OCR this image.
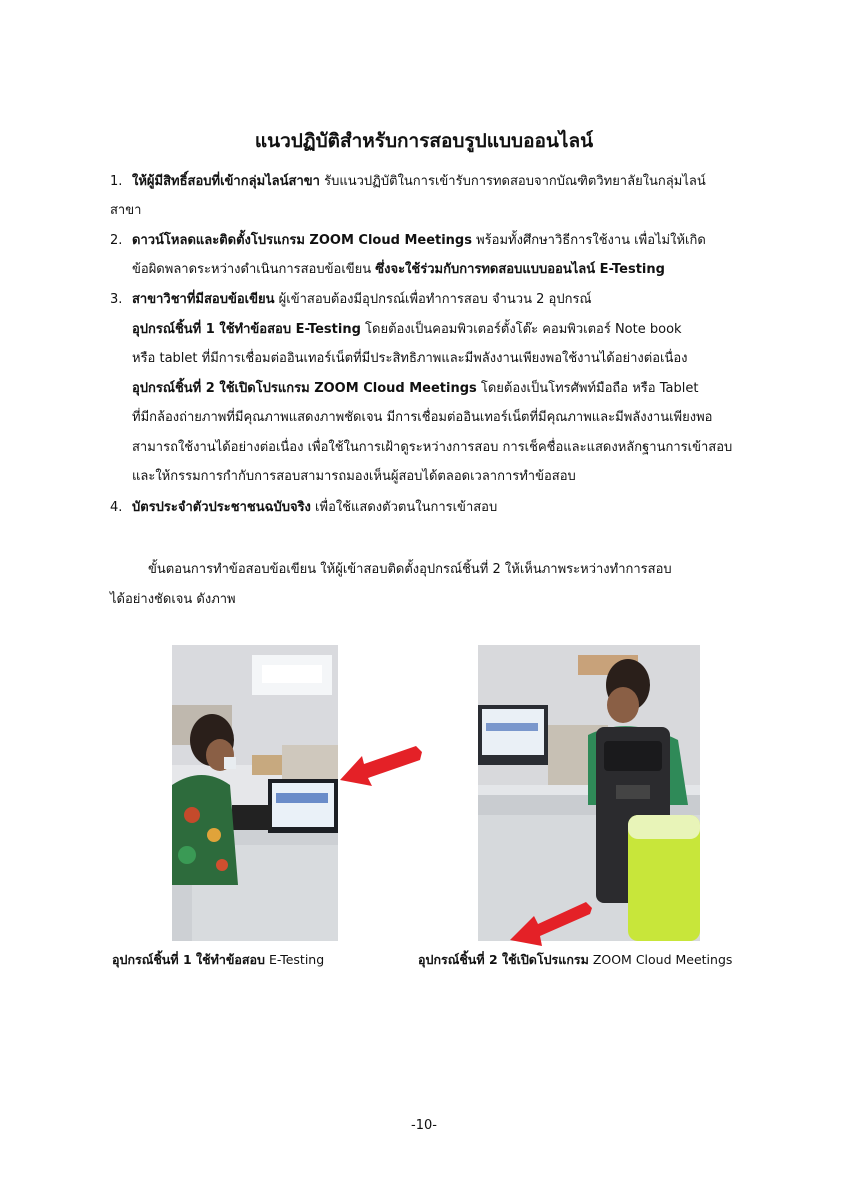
แนวปฏิบัติสำหรับการสอบรูปแบบออนไลน์
1. ให้ผู้มีสิทธิ์สอบที่เข้ากลุ่มไลน์สาขา รับแนวปฏิบัติในการเข้ารับการทดสอบจากบัณฑิตวิทยาลัยในกลุ่มไลน์
สาขา
2. ดาวน์โหลดและติดตั้งโปรแกรม ZOOM Cloud Meetings พร้อมทั้งศึกษาวิธีการใช้งาน เพื่อไม่ให้เกิด
ข้อผิดพลาดระหว่างดำเนินการสอบข้อเขียน ซึ่งจะใช้ร่วมกับการทดสอบแบบออนไลน์ E-Testing
3. สาขาวิชาที่มีสอบข้อเขียน ผู้เข้าสอบต้องมีอุปกรณ์เพื่อทำการสอบ จำนวน 2 อุปกรณ์
อุปกรณ์ชิ้นที่ 1 ใช้ทำข้อสอบ E-Testing โดยต้องเป็นคอมพิวเตอร์ตั้งโต๊ะ คอมพิวเตอร์ Note book
หรือ tablet ที่มีการเชื่อมต่ออินเทอร์เน็ตที่มีประสิทธิภาพและมีพลังงานเพียงพอใช้งานได้อย่างต่อเนื่อง
อุปกรณ์ชิ้นที่ 2 ใช้เปิดโปรแกรม ZOOM Cloud Meetings โดยต้องเป็นโทรศัพท์มือถือ หรือ Tablet
ที่มีกล้องถ่ายภาพที่มีคุณภาพแสดงภาพชัดเจน มีการเชื่อมต่ออินเทอร์เน็ตที่มีคุณภาพและมีพลังงานเพียงพอ
สามารถใช้งานได้อย่างต่อเนื่อง เพื่อใช้ในการเฝ้าดูระหว่างการสอบ การเช็คชื่อและแสดงหลักฐานการเข้าสอบ
และให้กรรมการกำกับการสอบสามารถมองเห็นผู้สอบได้ตลอดเวลาการทำข้อสอบ
4. บัตรประจำตัวประชาชนฉบับจริง เพื่อใช้แสดงตัวตนในการเข้าสอบ
ขั้นตอนการทำข้อสอบข้อเขียน ให้ผู้เข้าสอบติดตั้งอุปกรณ์ชิ้นที่ 2 ให้เห็นภาพระหว่างทำการสอบ
ได้อย่างชัดเจน ดังภาพ
อุปกรณ์ชิ้นที่ 1 ใช้ทำข้อสอบ E-Testing	อุปกรณ์ชิ้นที่ 2 ใช้เปิดโปรแกรม ZOOM Cloud Meetings
-10-
